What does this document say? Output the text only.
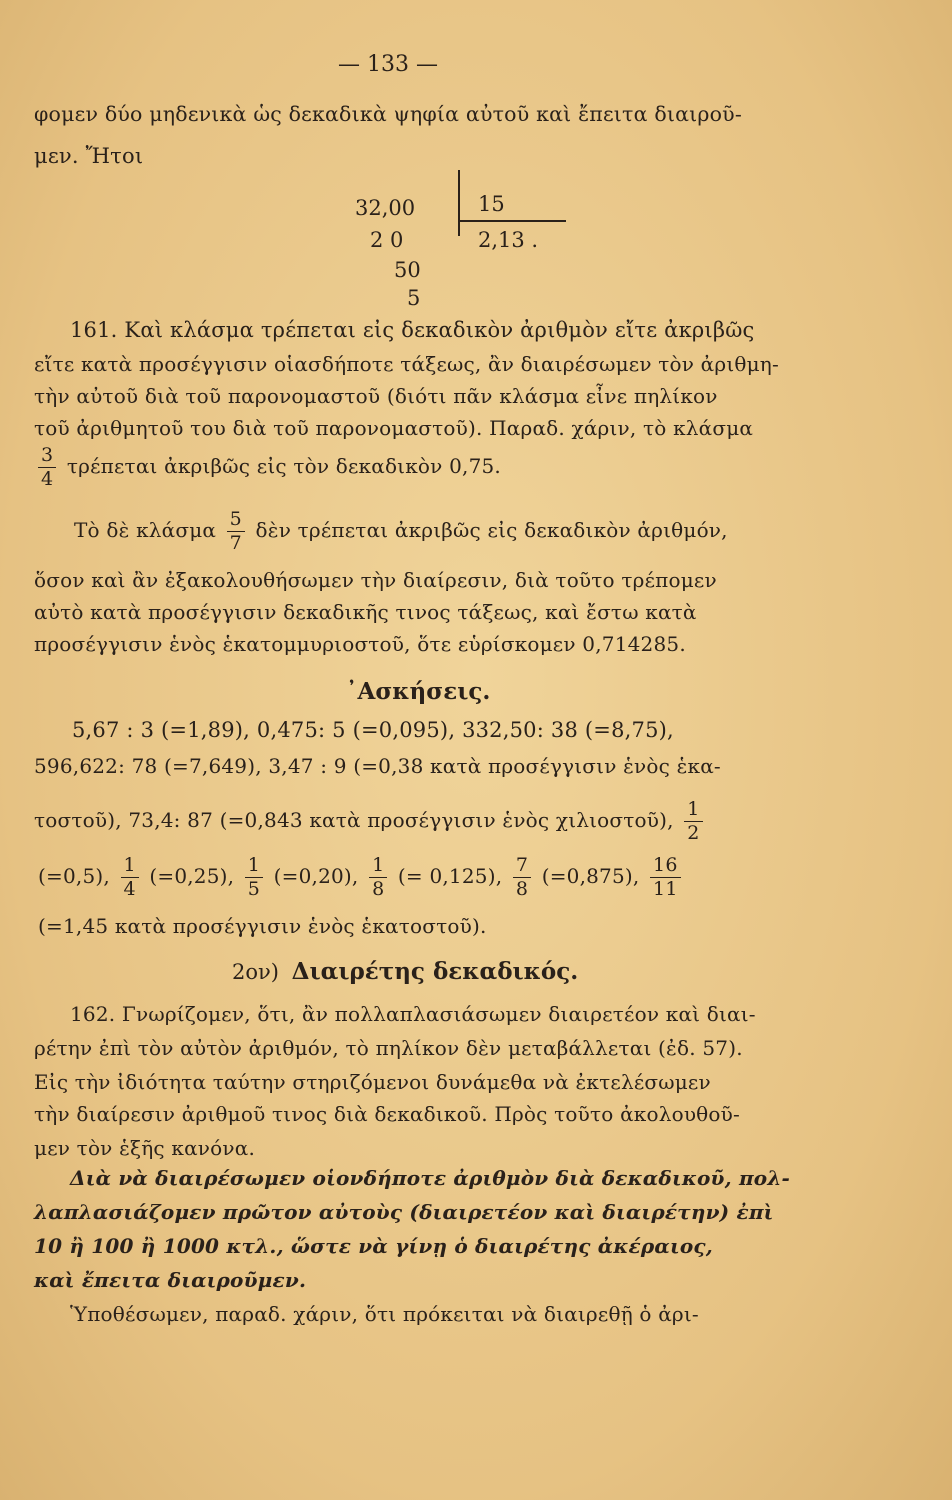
— 133 —
φομεν δύο μηδενικὰ ὡς δεκαδικὰ ψηφία αὐτοῦ καὶ ἔπειτα διαιροῦ-
μεν. Ἤτοι
32,00	15
2 0	2,13 .
50
5
161. Καὶ κλάσμα τρέπεται εἰς δεκαδικὸν ἀριθμὸν εἴτε ἀκριβῶς
εἴτε κατὰ προσέγγισιν οἱασδήποτε τάξεως, ἂν διαιρέσωμεν τὸν ἀριθμη-
τὴν αὐτοῦ διὰ τοῦ παρονομαστοῦ (διότι πᾶν κλάσμα εἶνε πηλίκον
τοῦ ἀριθμητοῦ του διὰ τοῦ παρονομαστοῦ). Παραδ. χάριν, τὸ κλάσμα
$\frac{3}{4}$ τρέπεται ἀκριβῶς εἰς τὸν δεκαδικὸν 0,75.
Τὸ δὲ κλάσμα $\frac{5}{7}$ δὲν τρέπεται ἀκριβῶς εἰς δεκαδικὸν ἀριθμόν,
ὅσον καὶ ἂν ἐξακολουθήσωμεν τὴν διαίρεσιν, διὰ τοῦτο τρέπομεν
αὐτὸ κατὰ προσέγγισιν δεκαδικῆς τινος τάξεως, καὶ ἔστω κατὰ
προσέγγισιν ἑνὸς ἑκατομμυριοστοῦ, ὅτε εὑρίσκομεν 0,714285.
᾿Ασκήσεις.
5,67 : 3 (=1,89), 0,475: 5 (=0,095), 332,50: 38 (=8,75),
596,622: 78 (=7,649), 3,47 : 9 (=0,38 κατὰ προσέγγισιν ἑνὸς ἑκα-
τοστοῦ), 73,4: 87 (=0,843 κατὰ προσέγγισιν ἑνὸς χιλιοστοῦ), $\frac{1}{2}$
(=0,5), $\frac{1}{4} (=0,25)$, $\frac{1}{5} (=0,20)$, $\frac{1}{8}$ (= 0,125), $\frac{7}{8} (=0,875)$, $\frac{16}{11}$
(=1,45 κατὰ προσέγγισιν ἑνὸς ἑκατοστοῦ).
2ον) Διαιρέτης δεκαδικός.
162. Γνωρίζομεν, ὅτι, ἂν πολλαπλασιάσωμεν διαιρετέον καὶ διαι-
ρέτην ἐπὶ τὸν αὐτὸν ἀριθμόν, τὸ πηλίκον δὲν μεταβάλλεται (ἐδ. 57).
Εἰς τὴν ἰδιότητα ταύτην στηριζόμενοι δυνάμεθα νὰ ἐκτελέσωμεν
τὴν διαίρεσιν ἀριθμοῦ τινος διὰ δεκαδικοῦ. Πρὸς τοῦτο ἀκολουθοῦ-
μεν τὸν ἑξῆς κανόνα.
Διὰ νὰ διαιρέσωμεν οἱονδήποτε ἀριθμὸν διὰ δεκαδικοῦ, πολ-
λαπλασιάζομεν πρῶτον αὐτοὺς (διαιρετέον καὶ διαιρέτην) ἐπὶ
10 ἢ 100 ἢ 1000 κτλ., ὥστε νὰ γίνῃ ὁ διαιρέτης ἀκέραιος,
καὶ ἔπειτα διαιροῦμεν.
Ὑποθέσωμεν, παραδ. χάριν, ὅτι πρόκειται νὰ διαιρεθῇ ὁ ἀρι-
